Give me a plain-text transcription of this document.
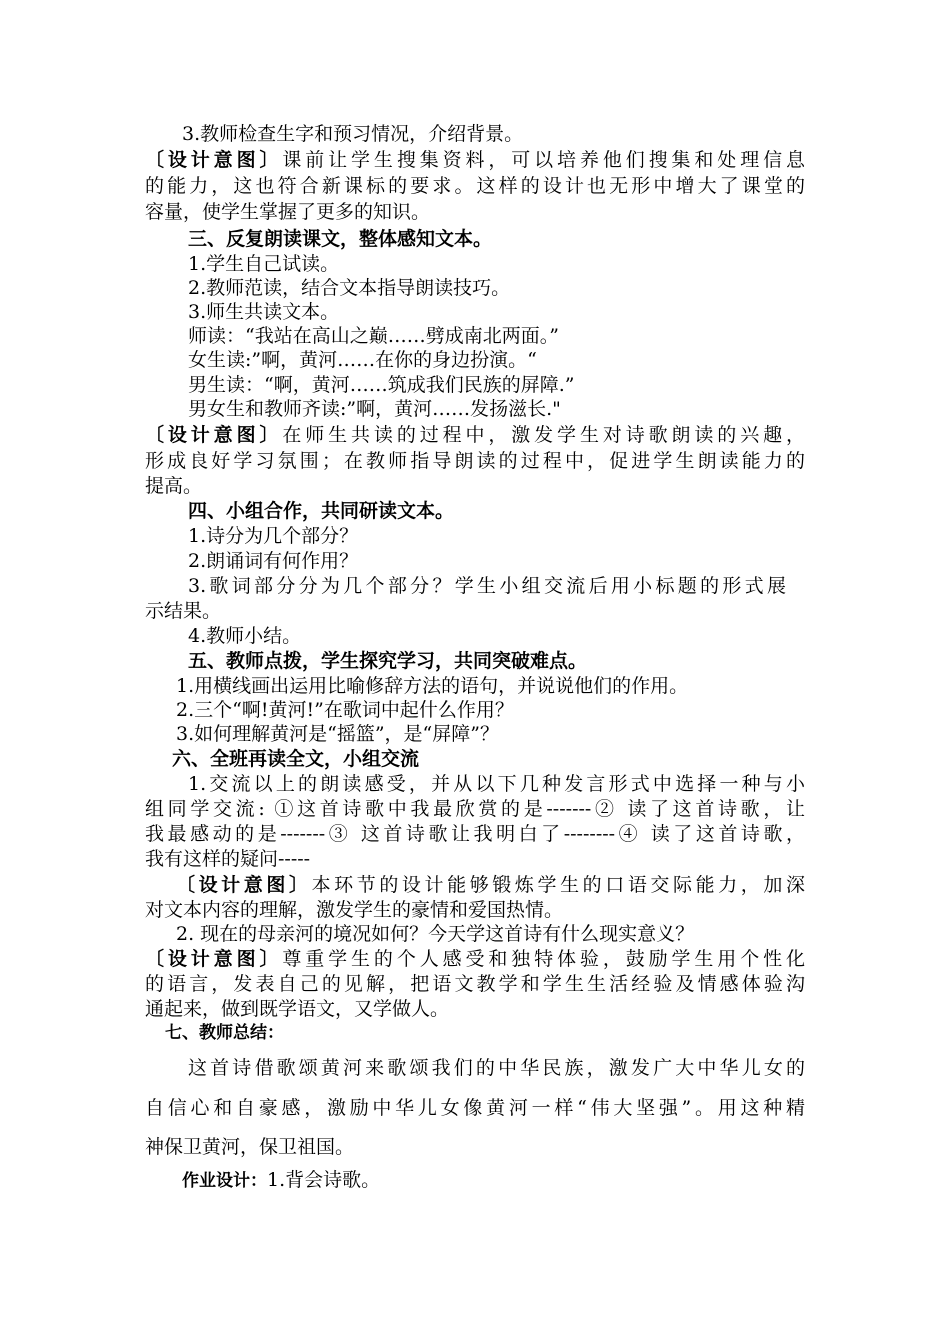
3.教师检查生字和预习情况，介绍背景。
〔设计意图〕课前让学生搜集资料，可以培养他们搜集和处理信息
的能力，这也符合新课标的要求。这样的设计也无形中增大了课堂的
容量，使学生掌握了更多的知识。
三、反复朗读课文，整体感知文本。
1.学生自己试读。
2.教师范读，结合文本指导朗读技巧。
3.师生共读文本。
师读：“我站在高山之巅……劈成南北两面。”
女生读:”啊，黄河……在你的身边扮演。“
男生读：“啊，黄河……筑成我们民族的屏障.”
男女生和教师齐读:”啊，黄河……发扬滋长."
〔设计意图〕在师生共读的过程中，激发学生对诗歌朗读的兴趣，
形成良好学习氛围；在教师指导朗读的过程中，促进学生朗读能力的
提高。
四、小组合作，共同研读文本。
1.诗分为几个部分？
2.朗诵词有何作用？
3.歌词部分分为几个部分？学生小组交流后用小标题的形式展
示结果。
4.教师小结。
五、教师点拨，学生探究学习，共同突破难点。
1.用横线画出运用比喻修辞方法的语句，并说说他们的作用。
2.三个“啊!黄河!”在歌词中起什么作用？
3.如何理解黄河是“摇篮”，是“屏障”？
六、全班再读全文，小组交流
1.交流以上的朗读感受，并从以下几种发言形式中选择一种与小
组同学交流: ①这首诗歌中我最欣赏的是-------② 读了这首诗歌，让
我最感动的是-------③ 这首诗歌让我明白了--------④ 读了这首诗歌，
我有这样的疑问-----
〔设计意图〕本环节的设计能够锻炼学生的口语交际能力，加深
对文本内容的理解，激发学生的豪情和爱国热情。
2. 现在的母亲河的境况如何？今天学这首诗有什么现实意义？
〔设计意图〕尊重学生的个人感受和独特体验，鼓励学生用个性化
的语言，发表自己的见解，把语文教学和学生生活经验及情感体验沟
通起来，做到既学语文，又学做人。
七、教师总结：
这首诗借歌颂黄河来歌颂我们的中华民族，激发广大中华儿女的
自信心和自豪感，激励中华儿女像黄河一样“伟大坚强”。用这种精
神保卫黄河，保卫祖国。
作业设计：1.背会诗歌。
